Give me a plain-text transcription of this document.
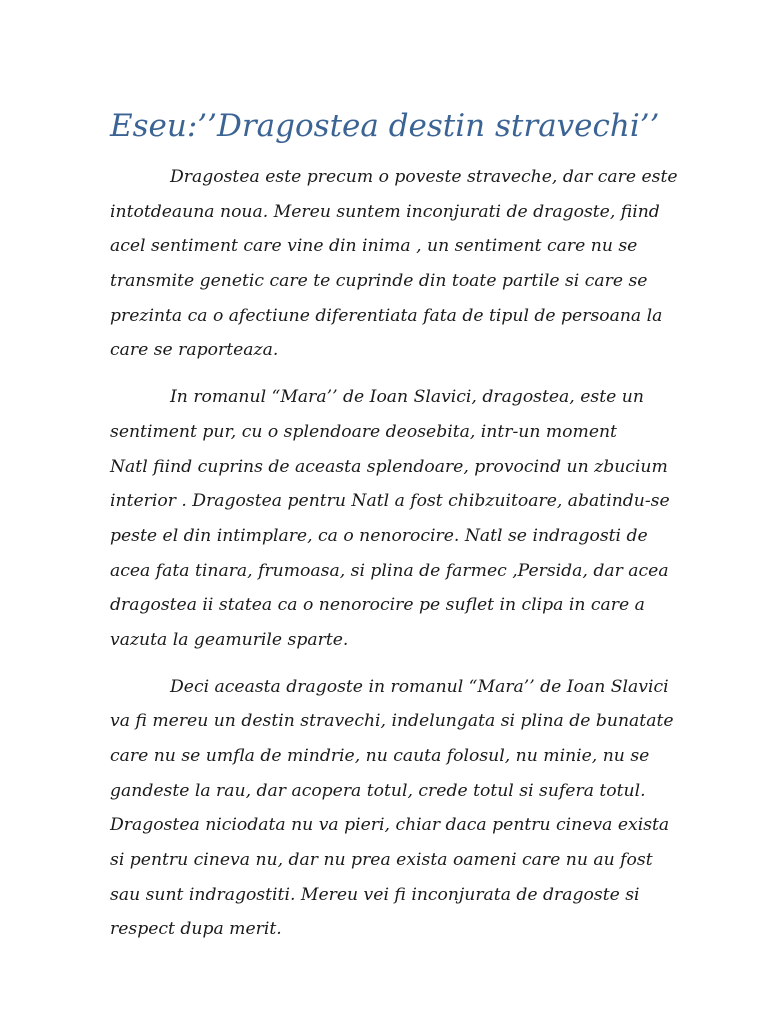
Eseu:’’Dragostea destin stravechi’’

Dragostea este precum o poveste straveche, dar care este
intotdeauna noua. Mereu suntem inconjurati de dragoste, fiind
acel sentiment care vine din inima , un sentiment care nu se
transmite genetic care te cuprinde din toate partile si care se
prezinta ca o afectiune diferentiata fata de tipul de persoana la
care se raporteaza.

In romanul “Mara’’ de Ioan Slavici, dragostea, este un
sentiment pur, cu o splendoare deosebita, intr-un moment
Natl fiind cuprins de aceasta splendoare, provocind un zbucium
interior . Dragostea pentru Natl a fost chibzuitoare, abatindu-se
peste el din intimplare, ca o nenorocire. Natl se indragosti de
acea fata tinara, frumoasa, si plina de farmec ,Persida, dar acea
dragostea ii statea ca o nenorocire pe suflet in clipa in care a
vazuta la geamurile sparte.

Deci aceasta dragoste in romanul “Mara’’ de Ioan Slavici
va fi mereu un destin stravechi, indelungata si plina de bunatate
care nu se umfla de mindrie, nu cauta folosul, nu minie, nu se
gandeste la rau, dar acopera totul, crede totul si sufera totul.
Dragostea niciodata nu va pieri, chiar daca pentru cineva exista
si pentru cineva nu, dar nu prea exista oameni care nu au fost
sau sunt indragostiti. Mereu vei fi inconjurata de dragoste si
respect dupa merit.
